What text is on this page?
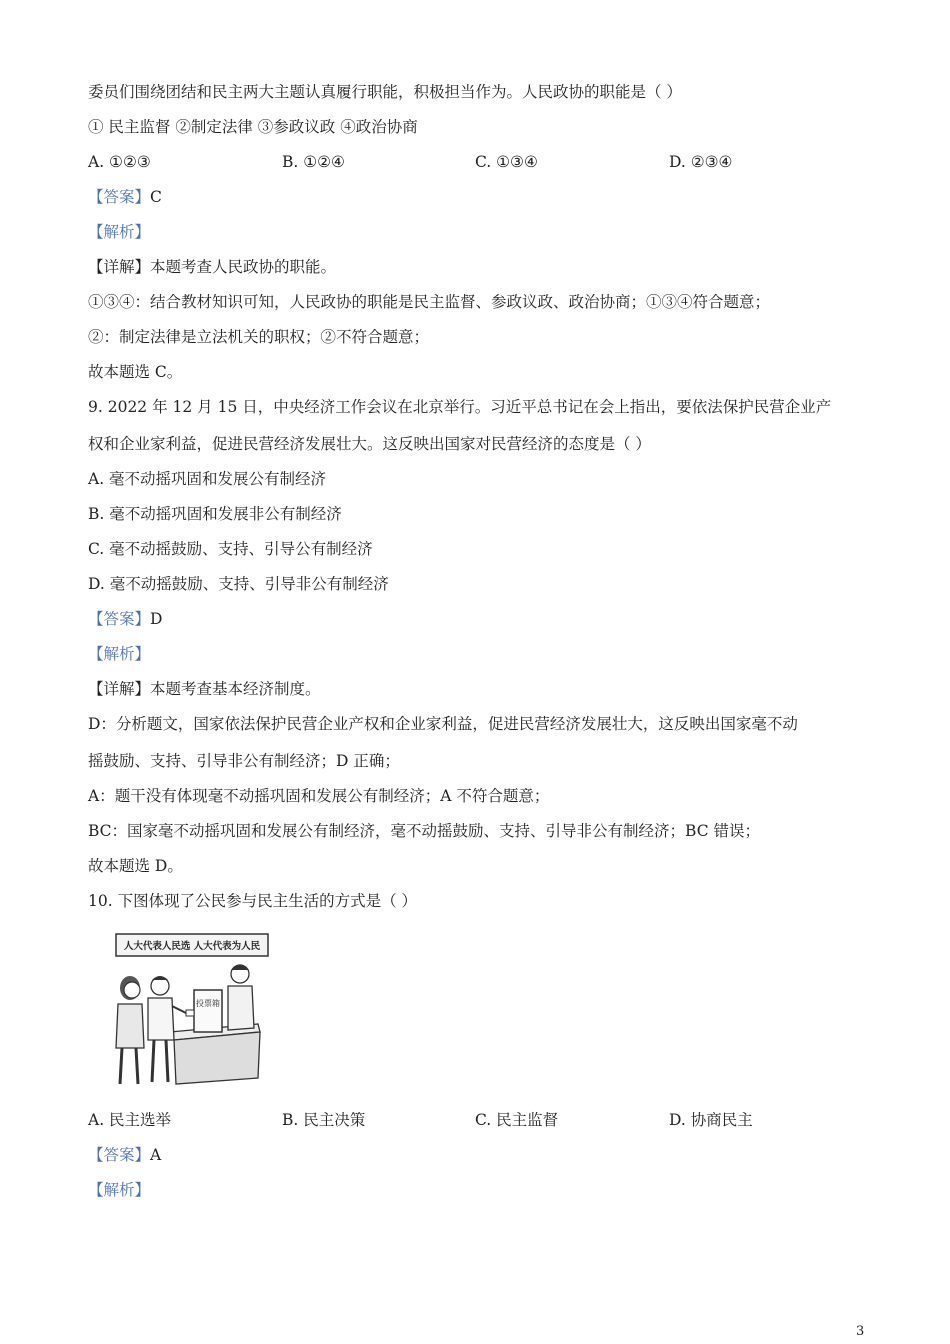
委员们围绕团结和民主两大主题认真履行职能，积极担当作为。人民政协的职能是（ ）
① 民主监督 ②制定法律 ③参政议政 ④政治协商
A. ①②③	B. ①②④	C. ①③④	D. ②③④
【答案】C
【解析】
【详解】本题考查人民政协的职能。
①③④：结合教材知识可知，人民政协的职能是民主监督、参政议政、政治协商；①③④符合题意；
②：制定法律是立法机关的职权；②不符合题意；
故本题选 C。
9. 2022 年 12 月 15 日，中央经济工作会议在北京举行。习近平总书记在会上指出，要依法保护民营企业产
权和企业家利益，促进民营经济发展壮大。这反映出国家对民营经济的态度是（ ）
A. 毫不动摇巩固和发展公有制经济
B. 毫不动摇巩固和发展非公有制经济
C. 毫不动摇鼓励、支持、引导公有制经济
D. 毫不动摇鼓励、支持、引导非公有制经济
【答案】D
【解析】
【详解】本题考查基本经济制度。
D：分析题文，国家依法保护民营企业产权和企业家利益，促进民营经济发展壮大，这反映出国家毫不动
摇鼓励、支持、引导非公有制经济；D 正确；
A：题干没有体现毫不动摇巩固和发展公有制经济；A 不符合题意；
BC：国家毫不动摇巩固和发展公有制经济，毫不动摇鼓励、支持、引导非公有制经济；BC 错误；
故本题选 D。
10. 下图体现了公民参与民主生活的方式是（ ）
人大代表人民选 人大代表为人民
投票箱
A. 民主选举	B. 民主决策	C. 民主监督	D. 协商民主
【答案】A
【解析】
3
